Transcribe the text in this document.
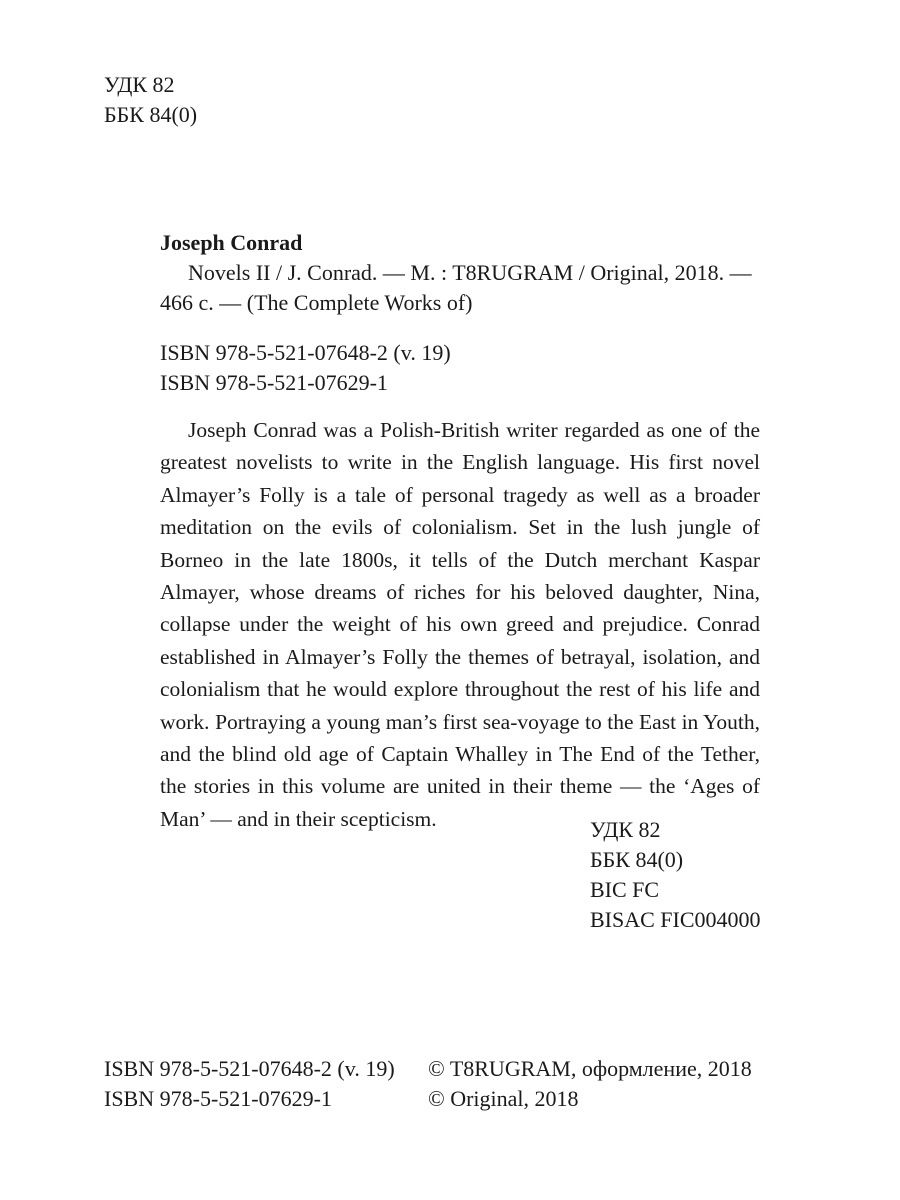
УДК 82
ББК 84(0)
Joseph Conrad
Novels II / J. Conrad. — M. : T8RUGRAM / Original, 2018. —
466 с. — (The Complete Works of)
ISBN 978-5-521-07648-2 (v. 19)
ISBN 978-5-521-07629-1

Joseph Conrad was a Polish-British writer regarded as one of the greatest novelists to write in the English language. His first novel Almayer’s Folly is a tale of personal tragedy as well as a broader meditation on the evils of colonialism. Set in the lush jungle of Borneo in the late 1800s, it tells of the Dutch merchant Kaspar Almayer, whose dreams of riches for his beloved daughter, Nina, collapse under the weight of his own greed and prejudice. Conrad established in Almayer’s Folly the themes of betrayal, isolation, and colonialism that he would explore throughout the rest of his life and work. Portraying a young man’s first sea-voyage to the East in Youth, and the blind old age of Captain Whalley in The End of the Tether, the stories in this volume are united in their theme — the ‘Ages of Man’ — and in their scepticism.	УДК 82
ББК 84(0)
BIC FC
BISAC FIC004000
ISBN 978-5-521-07648-2 (v. 19)
ISBN 978-5-521-07629-1
© T8RUGRAM, оформление, 2018
© Original, 2018
